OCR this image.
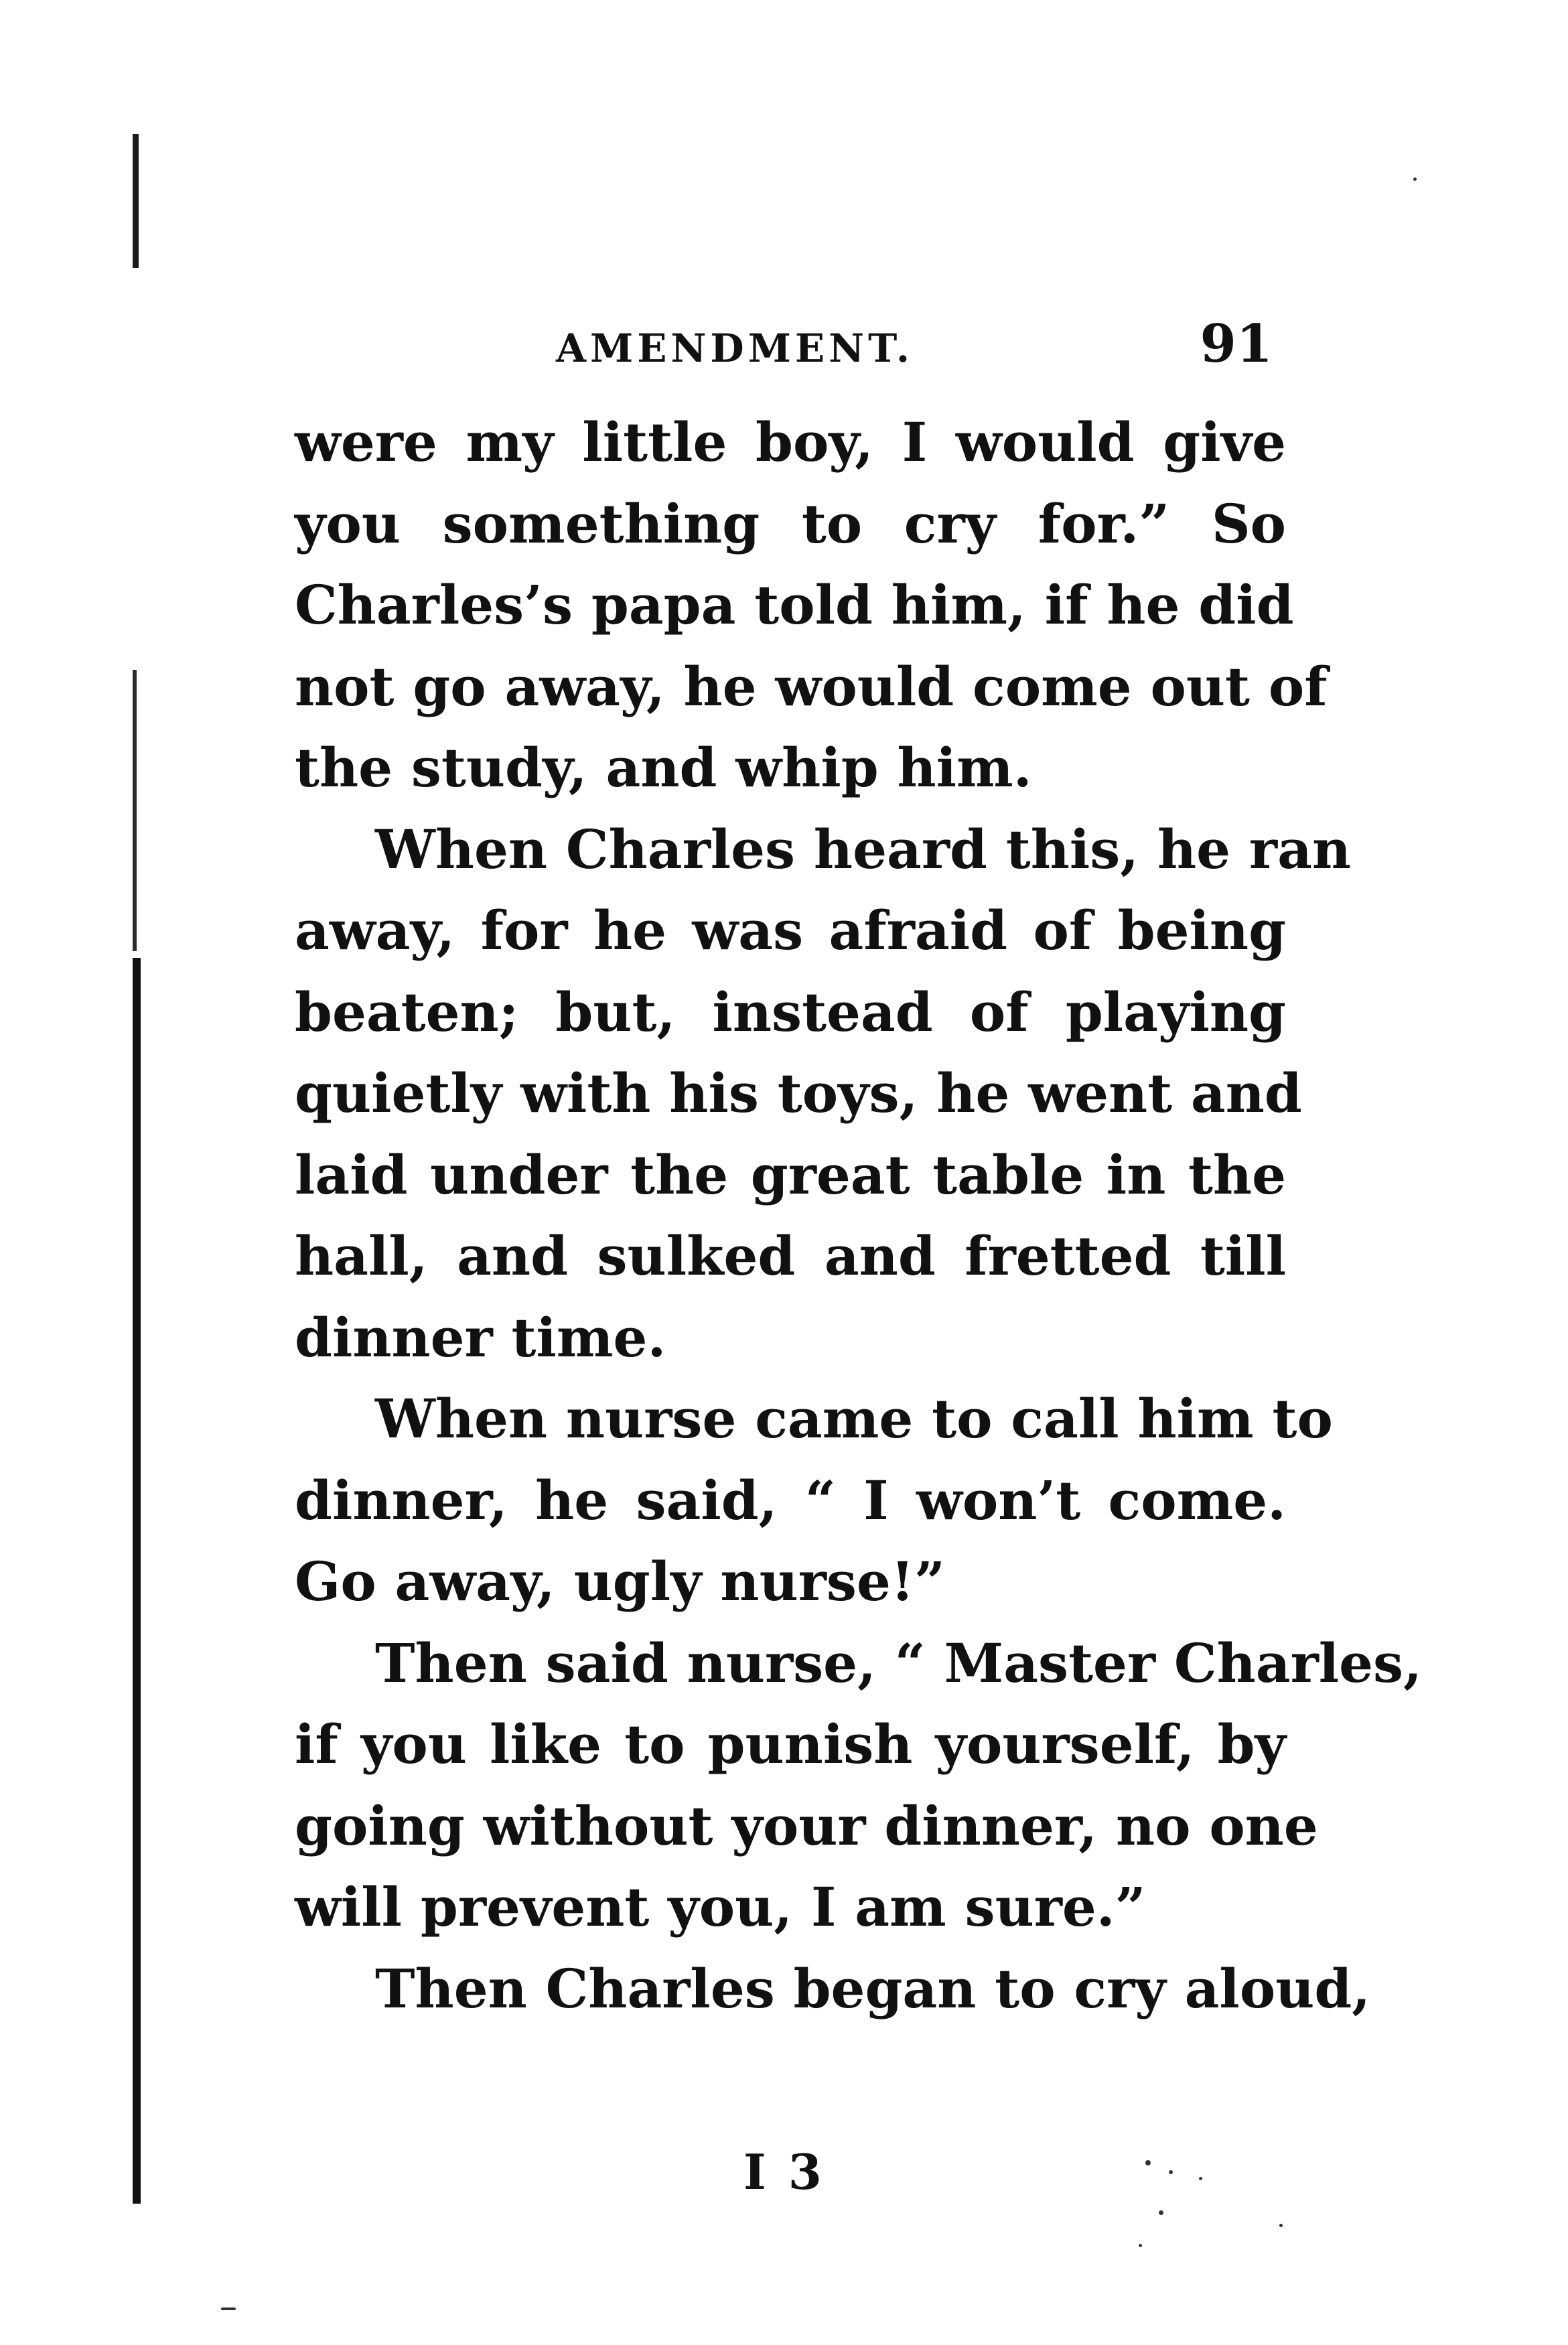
AMENDMENT.	91
were my little boy, I would give
you something to cry for.” So
Charles’s papa told him, if he did
not go away, he would come out of
the study, and whip him.
When Charles heard this, he ran
away, for he was afraid of being
beaten; but, instead of playing
quietly with his toys, he went and
laid under the great table in the
hall, and sulked and fretted till
dinner time.
When nurse came to call him to
dinner, he said, “ I won’t come.
Go away, ugly nurse!”
Then said nurse, “ Master Charles,
if you like to punish yourself, by
going without your dinner, no one
will prevent you, I am sure.”
Then Charles began to cry aloud,
I 3
